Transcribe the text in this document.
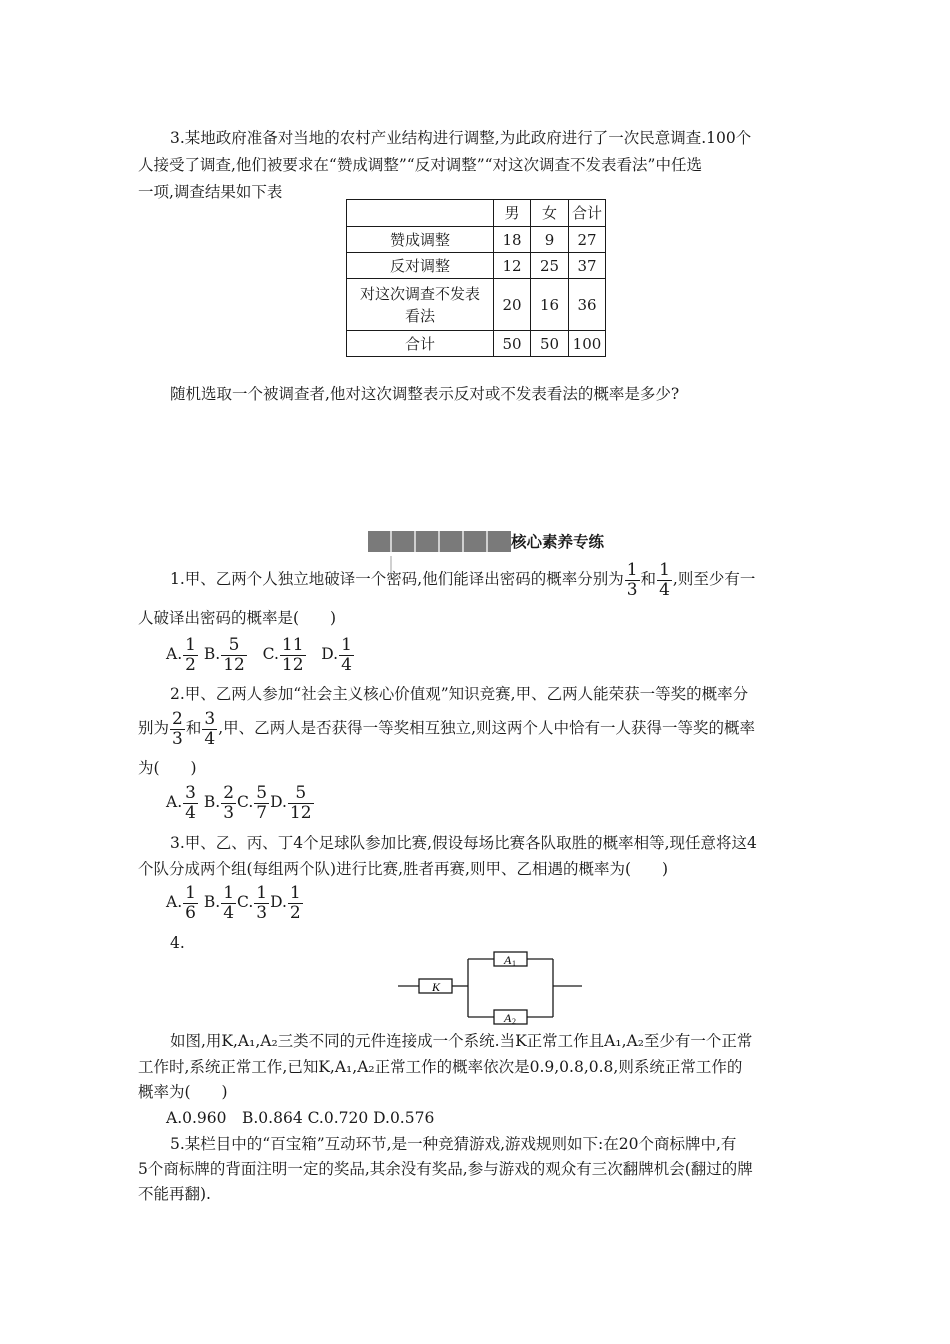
3.某地政府准备对当地的农村产业结构进行调整,为此政府进行了一次民意调查.100个
人接受了调查,他们被要求在“赞成调整”“反对调整”“对这次调查不发表看法”中任选
一项,调查结果如下表
	男	女	合计
赞成调整	18	9	27
反对调整	12	25	37

对这次调查不发表
看法	20	16	36
合计	50	50	100
随机选取一个被调查者,他对这次调整表示反对或不发表看法的概率是多少?
核心素养专练
1.甲、乙两个人独立地破译一个密码,他们能译出密码的概率分别为 $\frac{1}{3}$ 和 $\frac{1}{4}$ ,则至少有一
人破译出密码的概率是(　　)
A. $\frac{1}{2} B$. $\frac{5}{12} C$. $\frac{11}{12} D$. $\frac{1}{4}$
2.甲、乙两人参加“社会主义核心价值观”知识竞赛,甲、乙两人能荣获一等奖的概率分
别为 $\frac{2}{3}$ 和 $\frac{3}{4}$ ,甲、乙两人是否获得一等奖相互独立,则这两个人中恰有一人获得一等奖的概率
为(　　)
A. $\frac{3}{4} B$. $\frac{2}{3} C$. $\frac{5}{7} D$. $\frac{5}{12}$
3.甲、乙、丙、丁4个足球队参加比赛,假设每场比赛各队取胜的概率相等,现任意将这4
个队分成两个组(每组两个队)进行比赛,胜者再赛,则甲、乙相遇的概率为(　　)
A. $\frac{1}{6} B$. $\frac{1}{4} C$. $\frac{1}{3} D$. $\frac{1}{2}$
4.
K
A 1
A 2
如图,用K,A₁,A₂三类不同的元件连接成一个系统.当K正常工作且A₁,A₂至少有一个正常
工作时,系统正常工作,已知K,A₁,A₂正常工作的概率依次是0.9,0.8,0.8,则系统正常工作的
概率为(　　)
A.0.960　B.0.864 C.0.720 D.0.576
5.某栏目中的“百宝箱”互动环节,是一种竞猜游戏,游戏规则如下:在20个商标牌中,有
5个商标牌的背面注明一定的奖品,其余没有奖品,参与游戏的观众有三次翻牌机会(翻过的牌
不能再翻).
